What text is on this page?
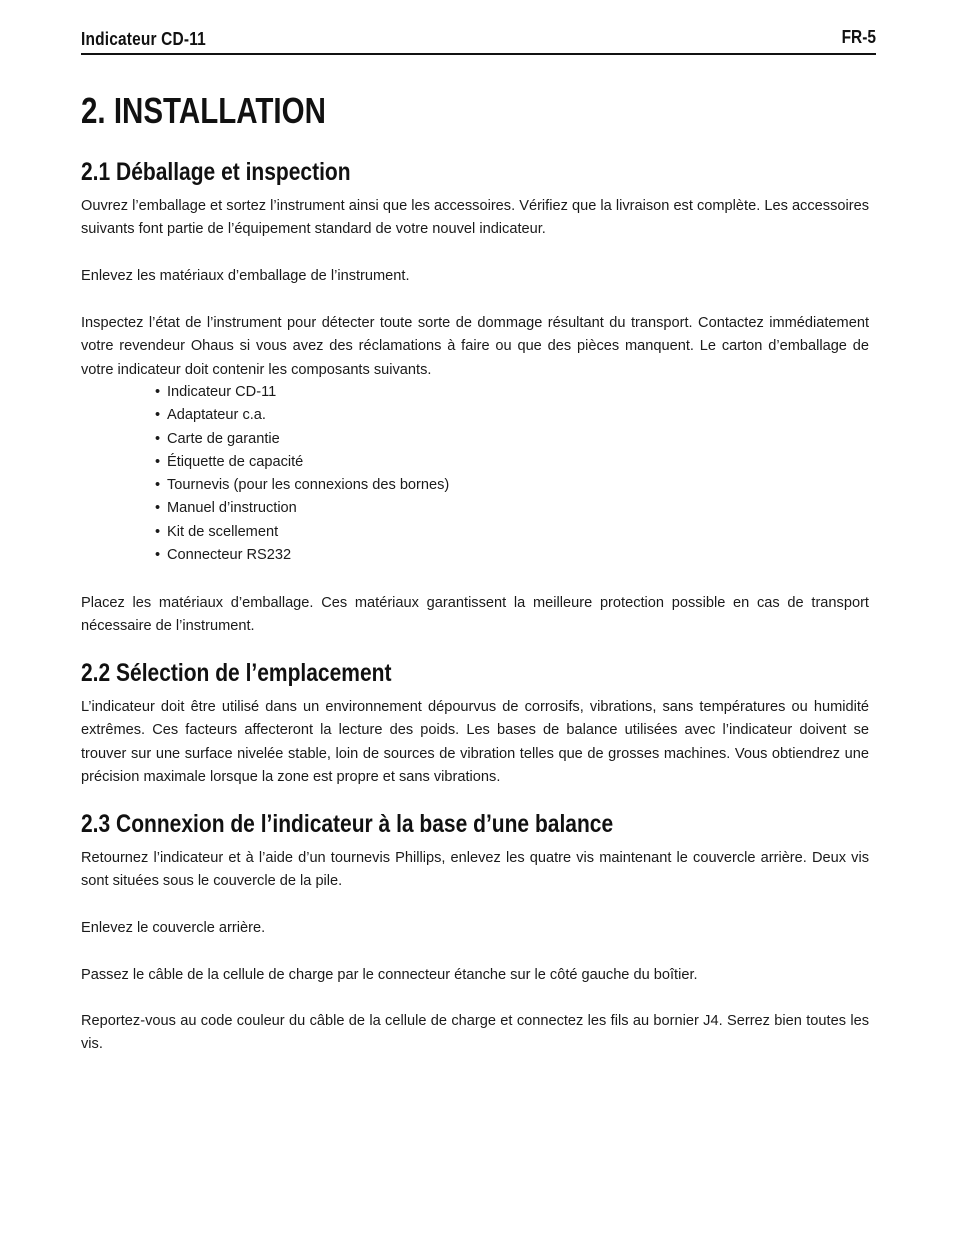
Indicateur CD-11	FR-5
2. INSTALLATION
2.1 Déballage et inspection

Ouvrez l’emballage et sortez l’instrument ainsi que les accessoires. Vérifiez que la livraison est complète. Les accessoires suivants font partie de l’équipement standard de votre nouvel indicateur.

Enlevez les matériaux d’emballage de l’instrument.

Inspectez l’état de l’instrument pour détecter toute sorte de dommage résultant du transport. Contactez immédiatement votre revendeur Ohaus si vous avez des réclamations à faire ou que des pièces manquent. Le carton d’emballage de votre indicateur doit contenir les composants suivants.

• Indicateur CD-11
• Adaptateur c.a.
• Carte de garantie
• Étiquette de capacité
• Tournevis (pour les connexions des bornes)
• Manuel d’instruction
• Kit de scellement
• Connecteur RS232

Placez les matériaux d’emballage. Ces matériaux garantissent la meilleure protection possible en cas de transport nécessaire de l’instrument.

2.2 Sélection de l’emplacement

L’indicateur doit être utilisé dans un environnement dépourvus de corrosifs, vibrations, sans températures ou humidité extrêmes. Ces facteurs affecteront la lecture des poids. Les bases de balance utilisées avec l’indicateur doivent se trouver sur une surface nivelée stable, loin de sources de vibration telles que de grosses machines. Vous obtiendrez une précision maximale lorsque la zone est propre et sans vibrations.

2.3 Connexion de l’indicateur à la base d’une balance

Retournez l’indicateur et à l’aide d’un tournevis Phillips, enlevez les quatre vis maintenant le couvercle arrière. Deux vis sont situées sous le couvercle de la pile.

Enlevez le couvercle arrière.

Passez le câble de la cellule de charge par le connecteur étanche sur le côté gauche du boîtier.

Reportez-vous au code couleur du câble de la cellule de charge et connectez les fils au bornier J4. Serrez bien toutes les vis.
